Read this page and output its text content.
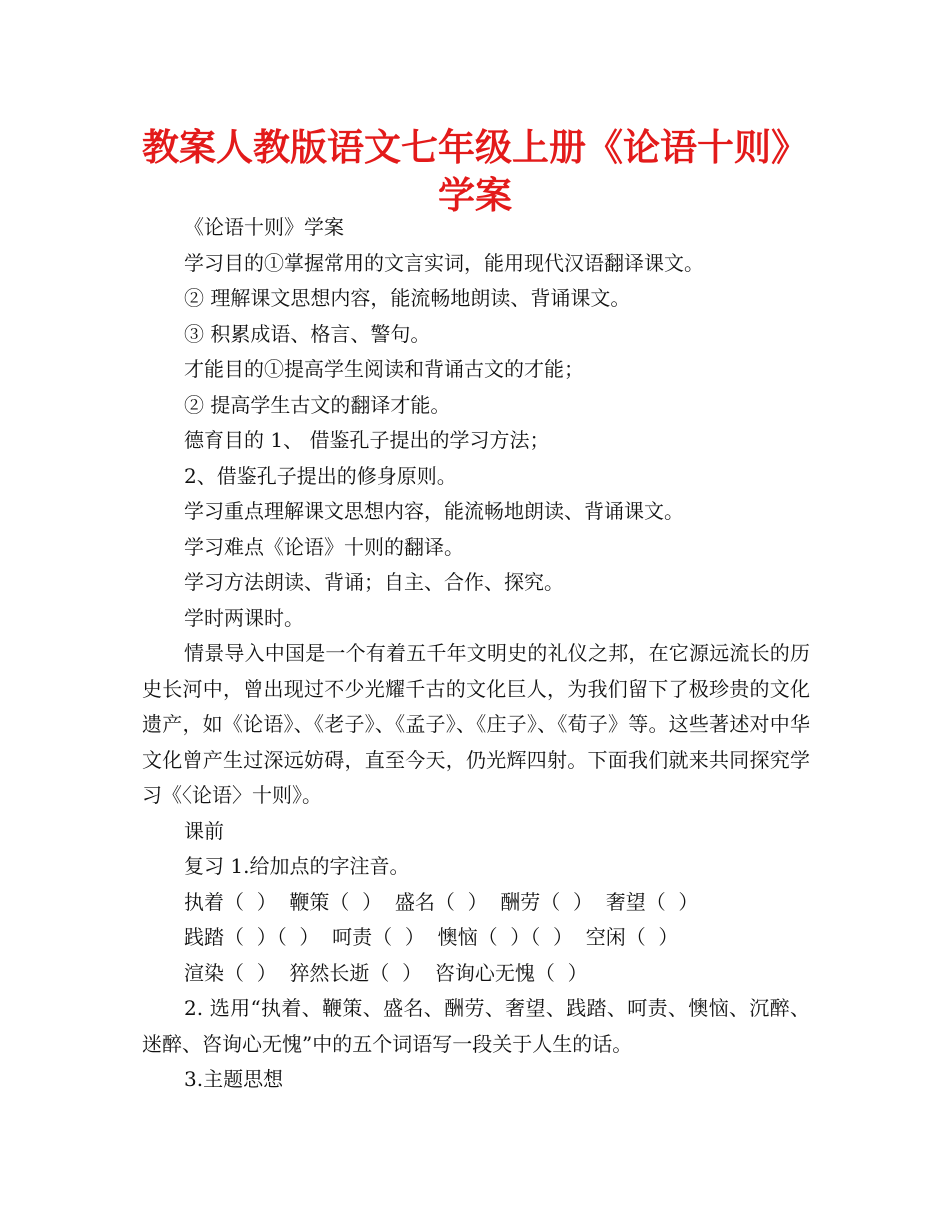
教案人教版语文七年级上册《论语十则》
学案

《论语十则》学案

学习目的①掌握常用的文言实词，能用现代汉语翻译课文。

② 理解课文思想内容，能流畅地朗读、背诵课文。

③ 积累成语、格言、警句。

才能目的①提高学生阅读和背诵古文的才能；

② 提高学生古文的翻译才能。

德育目的 1、 借鉴孔子提出的学习方法；

2、借鉴孔子提出的修身原则。

学习重点理解课文思想内容，能流畅地朗读、背诵课文。

学习难点《论语》十则的翻译。

学习方法朗读、背诵；自主、合作、探究。

学时两课时。

情景导入中国是一个有着五千年文明史的礼仪之邦，在它源远流长的历史长河中，曾出现过不少光耀千古的文化巨人，为我们留下了极珍贵的文化遗产，如《论语》、《老子》、《孟子》、《庄子》、《荀子》等。这些著述对中华文化曾产生过深远妨碍，直至今天，仍光辉四射。下面我们就来共同探究学习《〈论语〉十则》。

课前

复习 1.给加点的字注音。

执着（  ）  鞭策（  ）  盛名（  ）  酬劳（  ）  奢望（  ）

践踏（  ）（  ）  呵责（  ）  懊恼（  ）（  ）  空闲（  ）

渲染（  ）  猝然长逝（  ）  咨询心无愧（  ）

2. 选用“执着、鞭策、盛名、酬劳、奢望、践踏、呵责、懊恼、沉醉、迷醉、咨询心无愧”中的五个词语写一段关于人生的话。

3.主题思想
